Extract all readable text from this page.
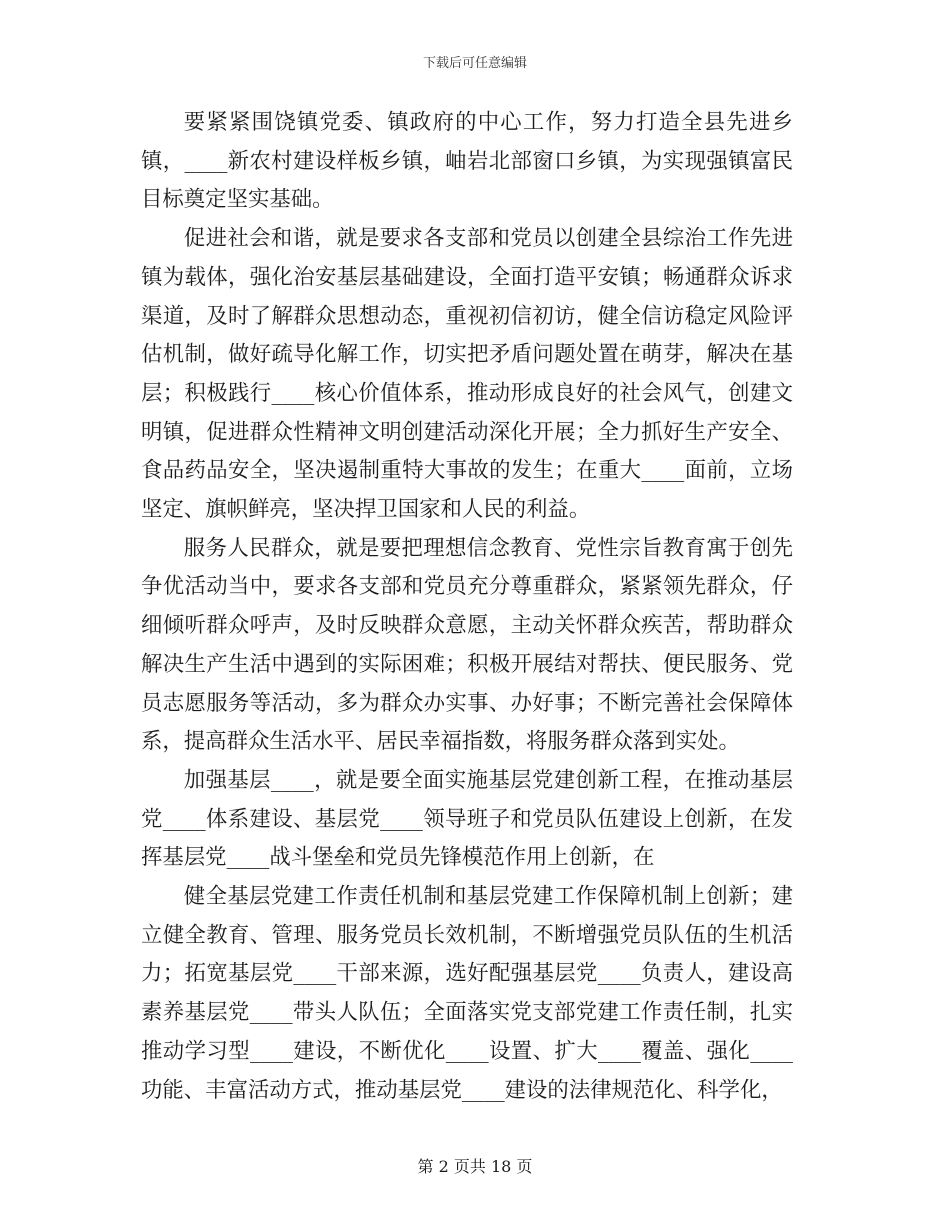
下载后可任意编辑

要紧紧围饶镇党委、镇政府的中心工作，努力打造全县先进乡镇，____新农村建设样板乡镇，岫岩北部窗口乡镇，为实现强镇富民目标奠定坚实基础。

促进社会和谐，就是要求各支部和党员以创建全县综治工作先进镇为载体，强化治安基层基础建设，全面打造平安镇；畅通群众诉求渠道，及时了解群众思想动态，重视初信初访，健全信访稳定风险评估机制，做好疏导化解工作，切实把矛盾问题处置在萌芽，解决在基层；积极践行____核心价值体系，推动形成良好的社会风气，创建文明镇，促进群众性精神文明创建活动深化开展；全力抓好生产安全、食品药品安全，坚决遏制重特大事故的发生；在重大____面前，立场坚定、旗帜鲜亮，坚决捍卫国家和人民的利益。

服务人民群众，就是要把理想信念教育、党性宗旨教育寓于创先争优活动当中，要求各支部和党员充分尊重群众，紧紧领先群众，仔细倾听群众呼声，及时反映群众意愿，主动关怀群众疾苦，帮助群众解决生产生活中遇到的实际困难；积极开展结对帮扶、便民服务、党员志愿服务等活动，多为群众办实事、办好事；不断完善社会保障体系，提高群众生活水平、居民幸福指数，将服务群众落到实处。

加强基层____，就是要全面实施基层党建创新工程，在推动基层党____体系建设、基层党____领导班子和党员队伍建设上创新，在发挥基层党____战斗堡垒和党员先锋模范作用上创新，在

健全基层党建工作责任机制和基层党建工作保障机制上创新；建立健全教育、管理、服务党员长效机制，不断增强党员队伍的生机活力；拓宽基层党____干部来源，选好配强基层党____负责人，建设高素养基层党____带头人队伍；全面落实党支部党建工作责任制，扎实推动学习型____建设，不断优化____设置、扩大____覆盖、强化____功能、丰富活动方式，推动基层党____建设的法律规范化、科学化，

第 2 页共 18 页
